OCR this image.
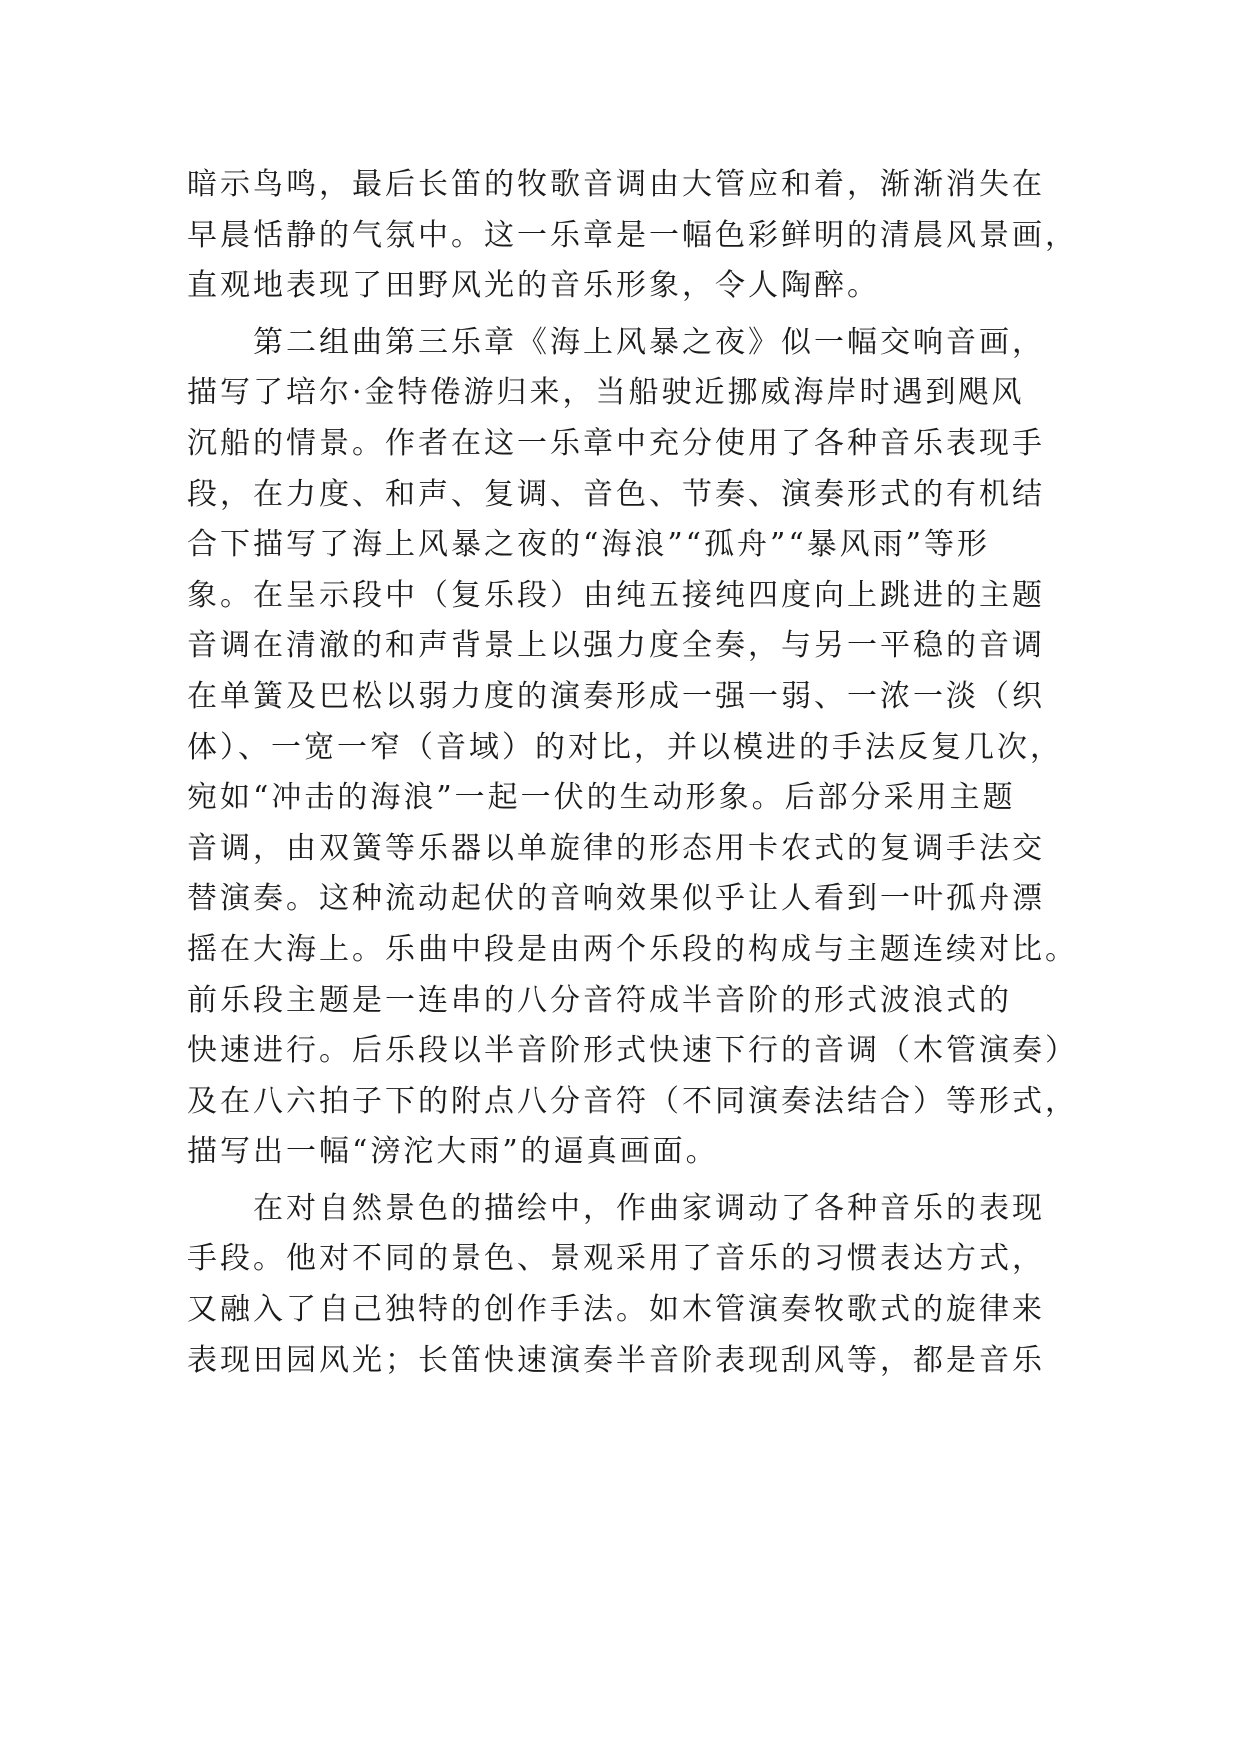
暗示鸟鸣，最后长笛的牧歌音调由大管应和着，渐渐消失在
早晨恬静的气氛中。这一乐章是一幅色彩鲜明的清晨风景画，
直观地表现了田野风光的音乐形象，令人陶醉。
第二组曲第三乐章《海上风暴之夜》似一幅交响音画，
描写了培尔·金特倦游归来，当船驶近挪威海岸时遇到飓风
沉船的情景。作者在这一乐章中充分使用了各种音乐表现手
段，在力度、和声、复调、音色、节奏、演奏形式的有机结
合下描写了海上风暴之夜的“海浪”“孤舟”“暴风雨”等形
象。在呈示段中（复乐段）由纯五接纯四度向上跳进的主题
音调在清澈的和声背景上以强力度全奏，与另一平稳的音调
在单簧及巴松以弱力度的演奏形成一强一弱、一浓一淡（织
体）、一宽一窄（音域）的对比，并以模进的手法反复几次，
宛如“冲击的海浪”一起一伏的生动形象。后部分采用主题
音调，由双簧等乐器以单旋律的形态用卡农式的复调手法交
替演奏。这种流动起伏的音响效果似乎让人看到一叶孤舟漂
摇在大海上。乐曲中段是由两个乐段的构成与主题连续对比。
前乐段主题是一连串的八分音符成半音阶的形式波浪式的
快速进行。后乐段以半音阶形式快速下行的音调（木管演奏）
及在八六拍子下的附点八分音符（不同演奏法结合）等形式，
描写出一幅“滂沱大雨”的逼真画面。
在对自然景色的描绘中，作曲家调动了各种音乐的表现
手段。他对不同的景色、景观采用了音乐的习惯表达方式，
又融入了自己独特的创作手法。如木管演奏牧歌式的旋律来
表现田园风光；长笛快速演奏半音阶表现刮风等，都是音乐
